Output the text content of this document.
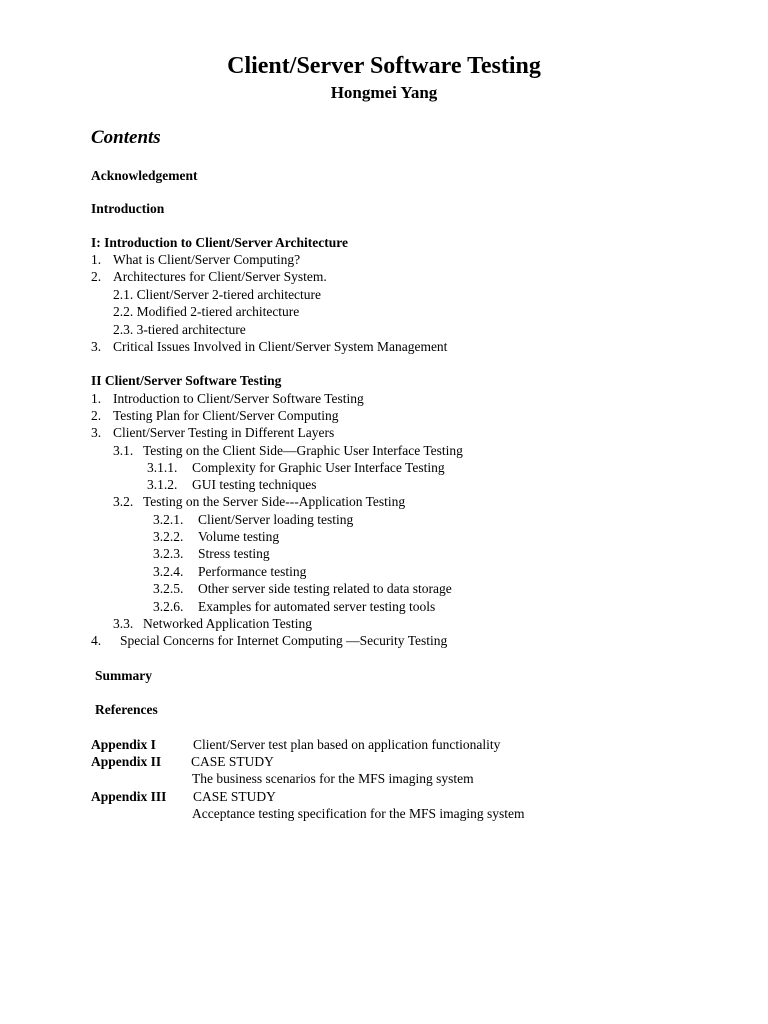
Client/Server Software Testing
Hongmei Yang
Contents
Acknowledgement
Introduction
I: Introduction to Client/Server Architecture
1. What is Client/Server Computing?
2. Architectures for Client/Server System.
2.1. Client/Server 2-tiered architecture
2.2. Modified 2-tiered architecture
2.3. 3-tiered architecture
3. Critical Issues Involved in Client/Server System Management
II Client/Server Software Testing
1. Introduction to Client/Server Software Testing
2. Testing Plan for Client/Server Computing
3. Client/Server Testing in Different Layers
3.1. Testing on the Client Side—Graphic User Interface Testing
3.1.1. Complexity for Graphic User Interface Testing
3.1.2. GUI testing techniques
3.2. Testing on the Server Side---Application Testing
3.2.1. Client/Server loading testing
3.2.2. Volume testing
3.2.3. Stress testing
3.2.4. Performance testing
3.2.5. Other server side testing related to data storage
3.2.6. Examples for automated server testing tools
3.3. Networked Application Testing
4. Special Concerns for Internet Computing —Security Testing
Summary
References
Appendix I	Client/Server test plan based on application functionality
Appendix II CASE STUDY
The business scenarios for the MFS imaging system
Appendix III CASE STUDY
Acceptance testing specification for the MFS imaging system
